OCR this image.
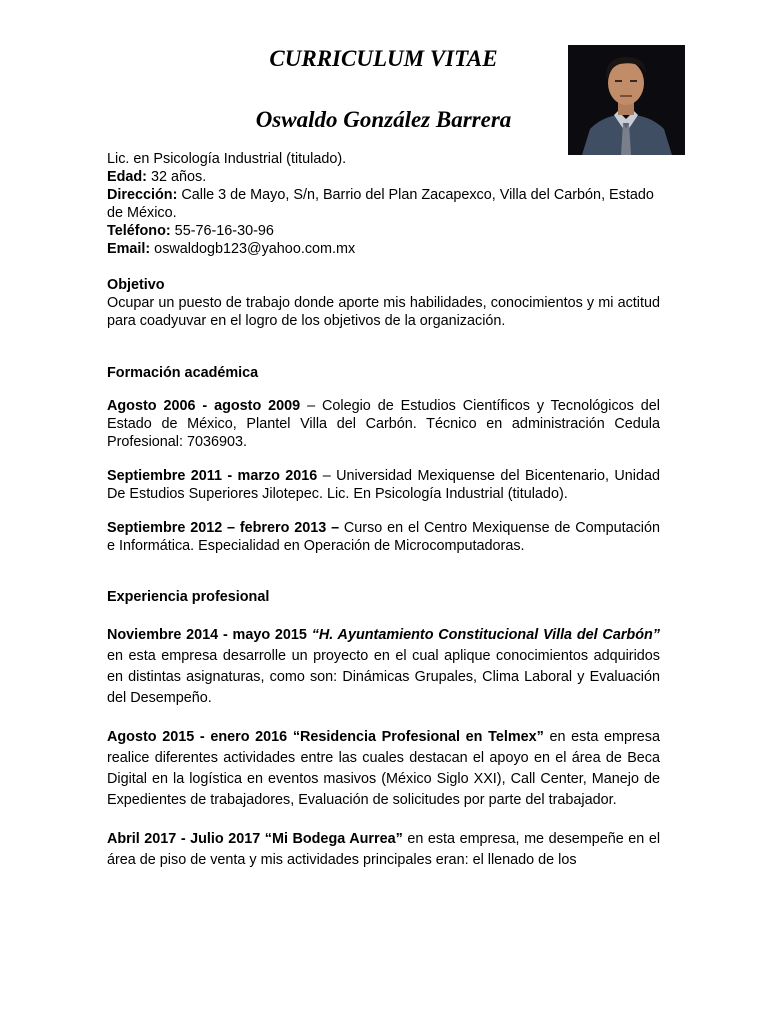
CURRICULUM VITAE
Oswaldo González Barrera

Lic. en Psicología Industrial (titulado).

Edad: 32 años.

Dirección: Calle 3 de Mayo, S/n, Barrio del Plan Zacapexco, Villa del Carbón, Estado de México.

Teléfono: 55-76-16-30-96

Email: oswaldogb123@yahoo.com.mx

Objetivo

Ocupar un puesto de trabajo donde aporte mis habilidades, conocimientos y mi actitud para coadyuvar en el logro de los objetivos de la organización.

Formación académica

Agosto 2006 - agosto 2009 – Colegio de Estudios Científicos y Tecnológicos del Estado de México, Plantel Villa del Carbón. Técnico en administración Cedula Profesional: 7036903.

Septiembre 2011 - marzo 2016 – Universidad Mexiquense del Bicentenario, Unidad De Estudios Superiores Jilotepec. Lic. En Psicología Industrial (titulado).

Septiembre 2012 – febrero 2013 – Curso en el Centro Mexiquense de Computación e Informática. Especialidad en Operación de Microcomputadoras.

Experiencia profesional

Noviembre 2014 - mayo 2015 “H. Ayuntamiento Constitucional Villa del Carbón” en esta empresa desarrolle un proyecto en el cual aplique conocimientos adquiridos en distintas asignaturas, como son: Dinámicas Grupales, Clima Laboral y Evaluación del Desempeño.

Agosto 2015 - enero 2016 “Residencia Profesional en Telmex” en esta empresa realice diferentes actividades entre las cuales destacan el apoyo en el área de Beca Digital en la logística en eventos masivos (México Siglo XXI), Call Center, Manejo de Expedientes de trabajadores, Evaluación de solicitudes por parte del trabajador.

Abril 2017 - Julio 2017 “Mi Bodega Aurrea” en esta empresa, me desempeñe en el área de piso de venta y mis actividades principales eran: el llenado de los
